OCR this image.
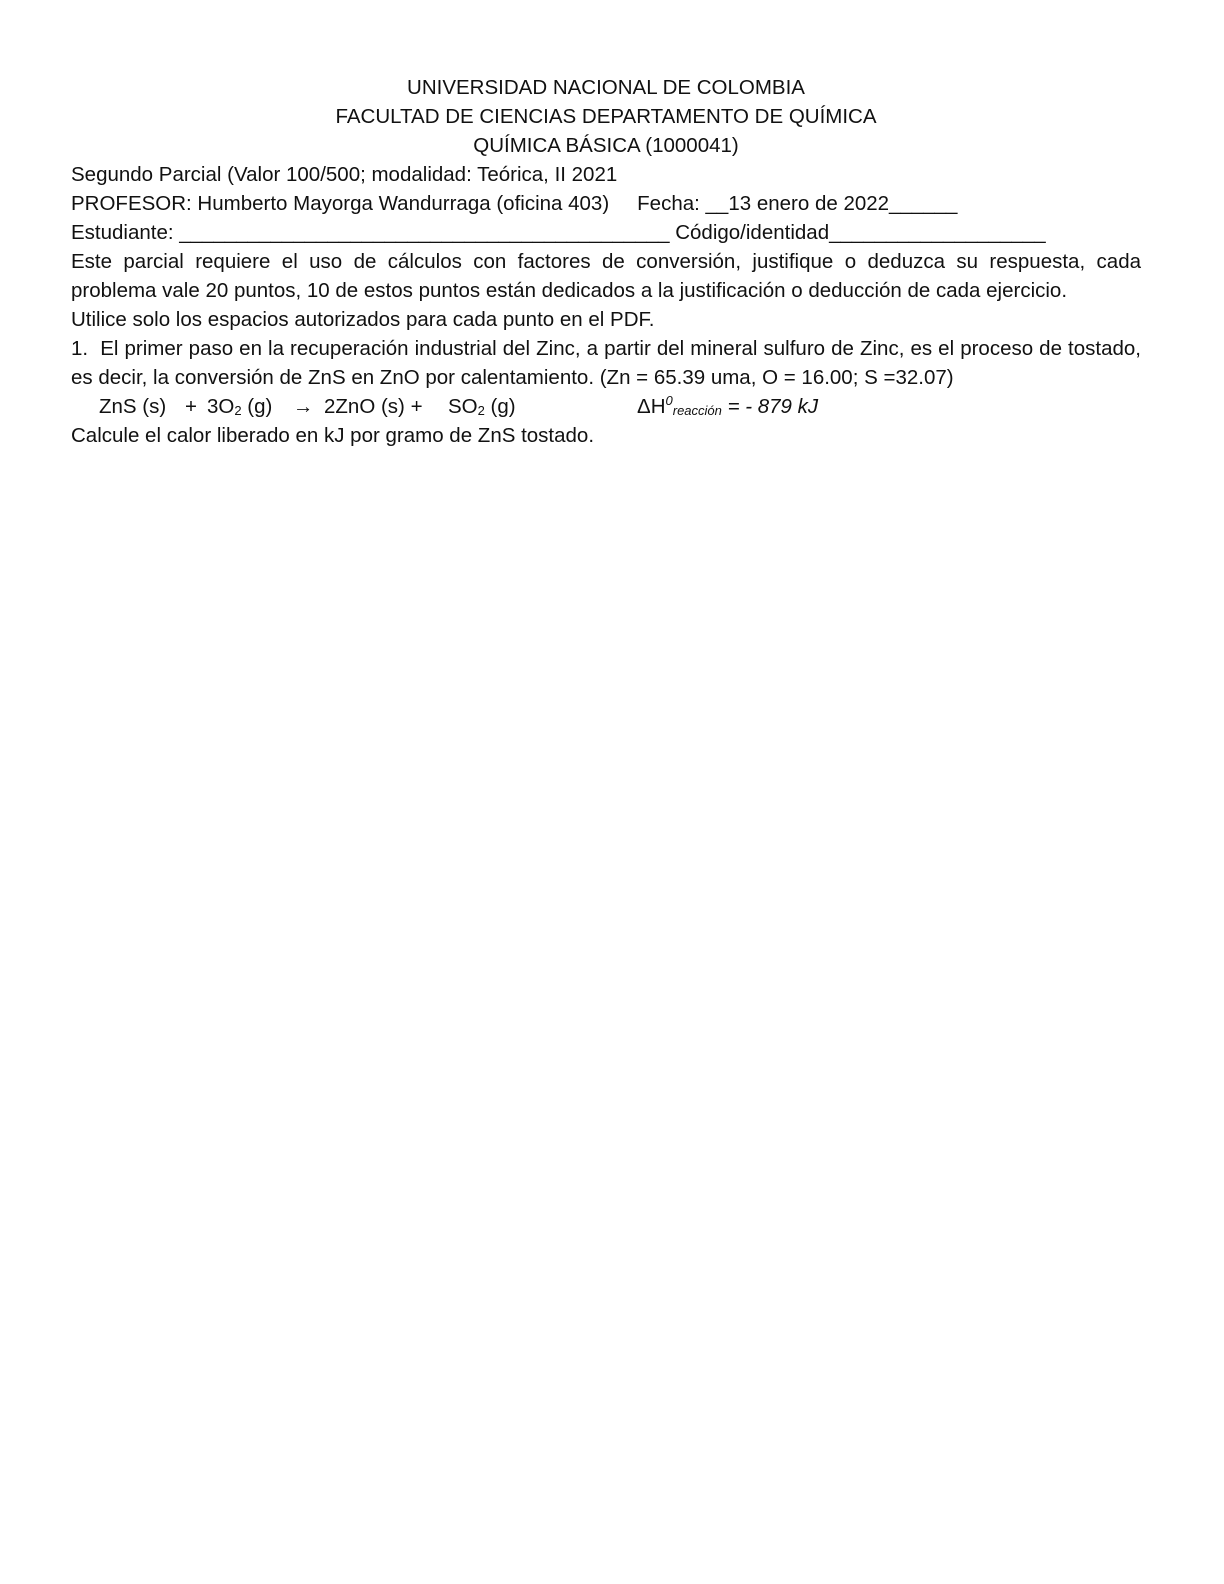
UNIVERSIDAD NACIONAL DE COLOMBIA
FACULTAD DE CIENCIAS DEPARTAMENTO DE QUÍMICA
QUÍMICA BÁSICA (1000041)
Segundo Parcial (Valor 100/500; modalidad: Teórica, II 2021
PROFESOR: Humberto Mayorga Wandurraga (oficina 403) Fecha: __13 enero de 2022______
Estudiante: ___________________________________________ Código/identidad___________________
Este parcial requiere el uso de cálculos con factores de conversión, justifique o deduzca su respuesta, cada problema vale 20 puntos, 10 de estos puntos están dedicados a la justificación o deducción de cada ejercicio.
Utilice solo los espacios autorizados para cada punto en el PDF.
1. El primer paso en la recuperación industrial del Zinc, a partir del mineral sulfuro de Zinc, es el proceso de tostado, es decir, la conversión de ZnS en ZnO por calentamiento. (Zn = 65.39 uma, O = 16.00; S =32.07)
ZnS $(s) + 3O_2$ (g) → 2ZnO $(s) + SO_2$ (g)	$\Delta H^0_{reacción}$ = - 879 kJ
Calcule el calor liberado en kJ por gramo de ZnS tostado.
